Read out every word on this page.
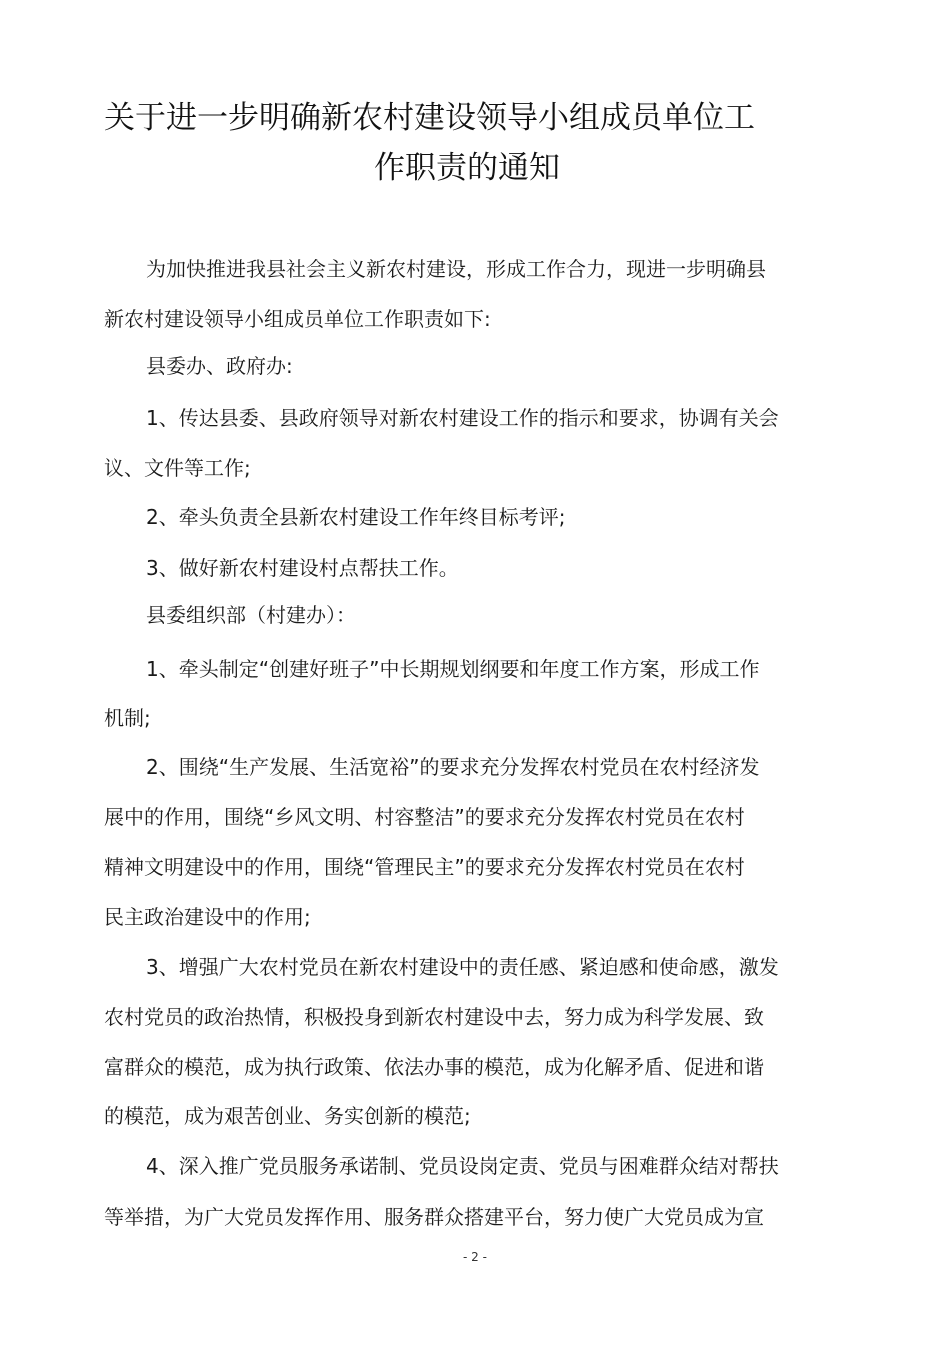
关于进一步明确新农村建设领导小组成员单位工
作职责的通知
为加快推进我县社会主义新农村建设，形成工作合力，现进一步明确县
新农村建设领导小组成员单位工作职责如下:
县委办、政府办:
1、传达县委、县政府领导对新农村建设工作的指示和要求，协调有关会
议、文件等工作;
2、牵头负责全县新农村建设工作年终目标考评;
3、做好新农村建设村点帮扶工作。
县委组织部（村建办）：
1、牵头制定“创建好班子”中长期规划纲要和年度工作方案，形成工作
机制;
2、围绕“生产发展、生活宽裕”的要求充分发挥农村党员在农村经济发
展中的作用，围绕“乡风文明、村容整洁”的要求充分发挥农村党员在农村
精神文明建设中的作用，围绕“管理民主”的要求充分发挥农村党员在农村
民主政治建设中的作用;
3、增强广大农村党员在新农村建设中的责任感、紧迫感和使命感，激发
农村党员的政治热情，积极投身到新农村建设中去，努力成为科学发展、致
富群众的模范，成为执行政策、依法办事的模范，成为化解矛盾、促进和谐
的模范，成为艰苦创业、务实创新的模范;
4、深入推广党员服务承诺制、党员设岗定责、党员与困难群众结对帮扶
等举措，为广大党员发挥作用、服务群众搭建平台，努力使广大党员成为宣
- 2 -
